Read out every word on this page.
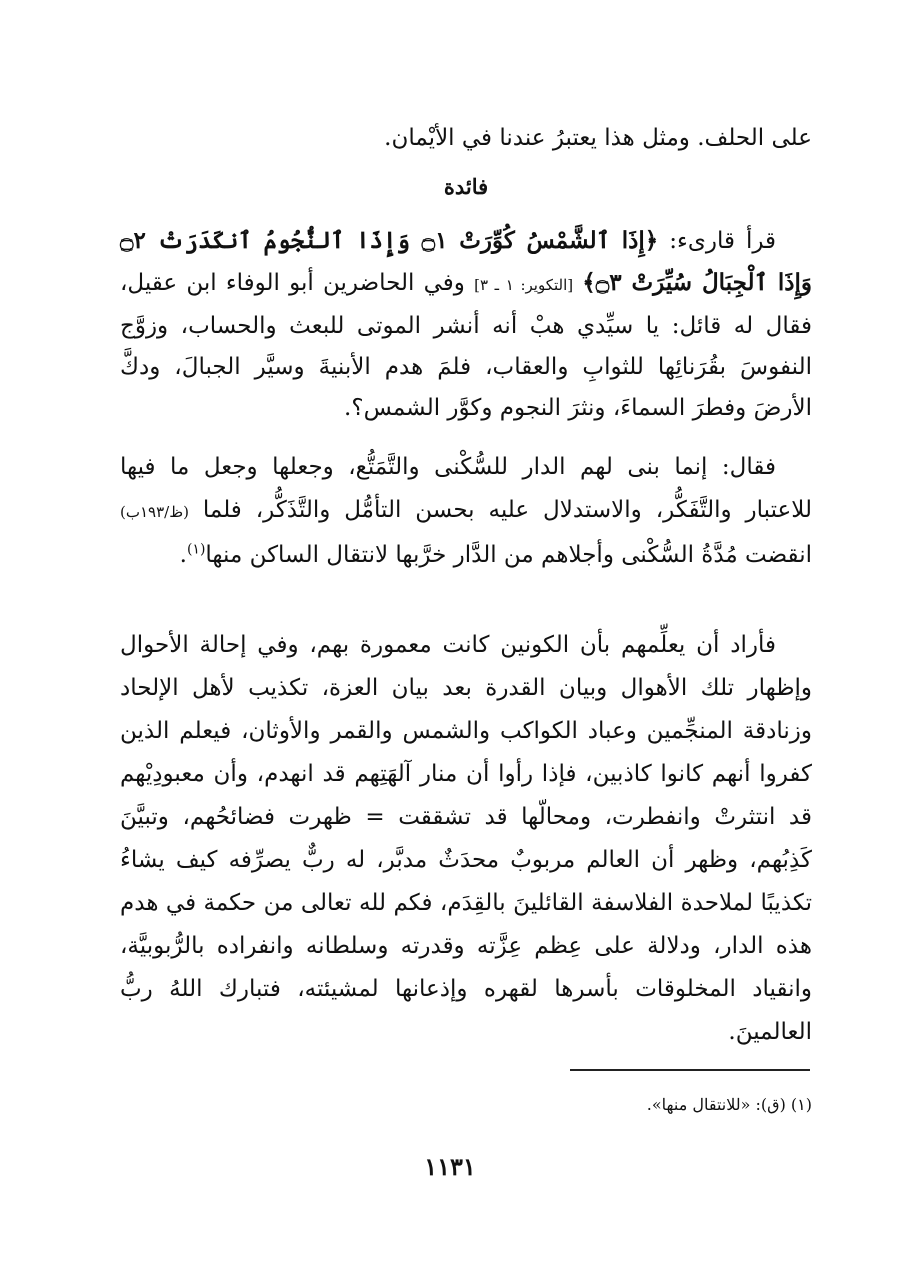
على الحلف. ومثل هذا يعتبرُ عندنا في الأيْمان.

فائدة

قرأ قارىء: ﴿إِذَا ٱلشَّمْسُ كُوِّرَتْ ۝١ وَإِذَا ٱلنُّجُومُ ٱنكَدَرَتْ ۝٢ وَإِذَا ٱلْجِبَالُ سُيِّرَتْ ۝٣﴾ [التكوير: ١ ـ ٣] وفي الحاضرين أبو الوفاء ابن عقيل، فقال له قائل: يا سيِّدي هبْ أنه أنشر الموتى للبعث والحساب، وزوَّج النفوسَ بقُرَنائِها للثوابِ والعقاب، فلمَ هدم الأبنيةَ وسيَّر الجبالَ، ودكَّ الأرضَ وفطرَ السماءَ، ونثرَ النجوم وكوَّر الشمس؟.

فقال: إنما بنى لهم الدار للسُّكْنى والتَّمَتُّع، وجعلها وجعل ما فيها للاعتبار والتَّفَكُّر، والاستدلال عليه بحسن التأمُّل والتَّذَكُّر، فلما (ظ/١٩٣ب) انقضت مُدَّةُ السُّكْنى وأجلاهم من الدَّار خرَّبها لانتقال الساكن منها$^{(١)}$.

فأراد أن يعلِّمهم بأن الكونين كانت معمورة بهم، وفي إحالة الأحوال وإظهار تلك الأهوال وبيان القدرة بعد بيان العزة، تكذيب لأهل الإلحاد وزنادقة المنجِّمين وعباد الكواكب والشمس والقمر والأوثان، فيعلم الذين كفروا أنهم كانوا كاذبين، فإذا رأوا أن منار آلهَتِهم قد انهدم، وأن معبودِيْهم قد انتثرتْ وانفطرت، ومحالّها قد تشققت = ظهرت فضائحُهم، وتبيَّنَ كَذِبُهم، وظهر أن العالم مربوبٌ محدَثٌ مدبَّر، له ربٌّ يصرِّفه كيف يشاءُ تكذيبًا لملاحدة الفلاسفة القائلينَ بالقِدَم، فكم لله تعالى من حكمة في هدم هذه الدار، ودلالة على عِظم عِزَّته وقدرته وسلطانه وانفراده بالرُّبوبيَّة، وانقياد المخلوقات بأسرها لقهره وإذعانها لمشيئته، فتبارك اللهُ ربُّ العالمينَ.

(١) (ق): «للانتقال منها».
١١٣١
